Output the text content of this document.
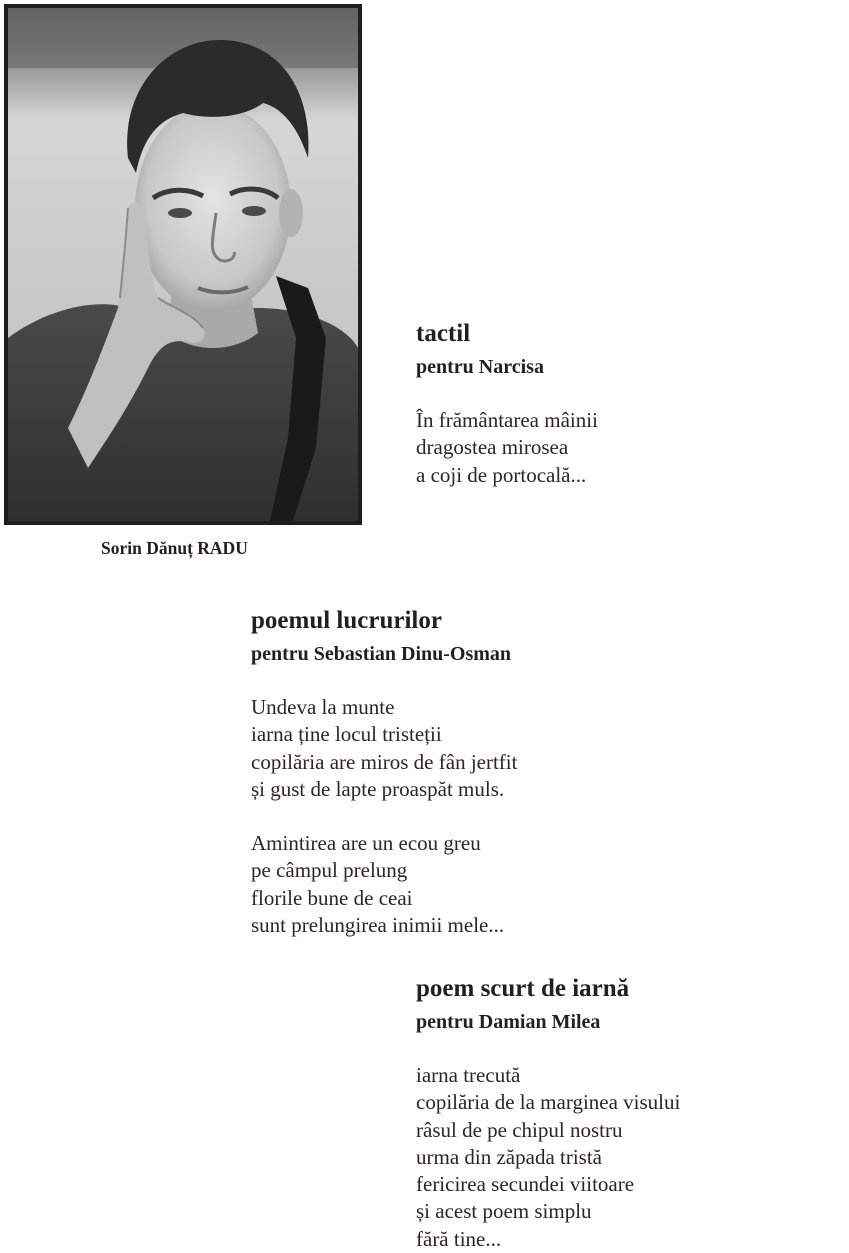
Sorin Dănuț RADU
tactil
pentru Narcisa
În frământarea mâinii
dragostea mirosea
a coji de portocală...
poemul lucrurilor
pentru Sebastian Dinu-Osman
Undeva la munte
iarna ține locul tristeții
copilăria are miros de fân jertfit
și gust de lapte proaspăt muls.
Amintirea are un ecou greu
pe câmpul prelung
florile bune de ceai
sunt prelungirea inimii mele...
poem scurt de iarnă
pentru Damian Milea
iarna trecută
copilăria de la marginea visului
râsul de pe chipul nostru
urma din zăpada tristă
fericirea secundei viitoare
și acest poem simplu
fără tine...
